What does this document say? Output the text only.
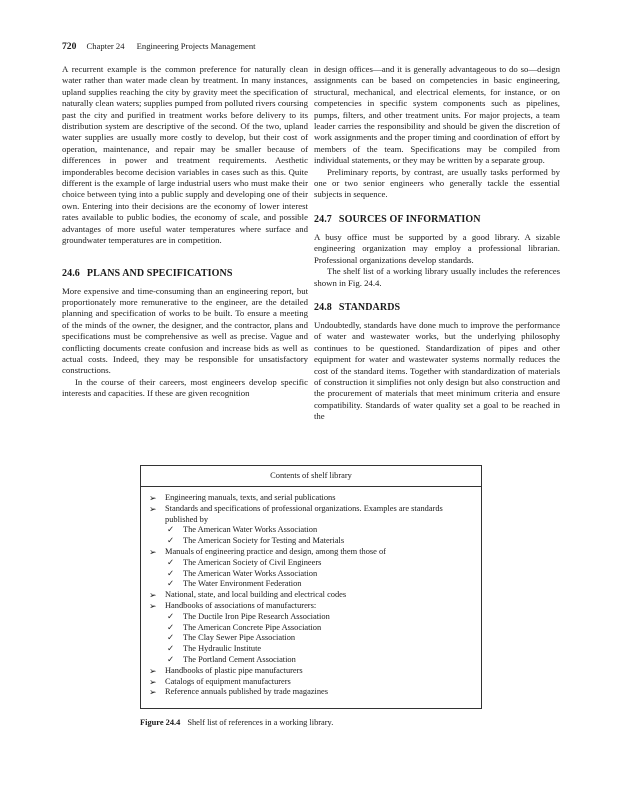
720 Chapter 24 Engineering Projects Management

A recurrent example is the common preference for naturally clean water rather than water made clean by treatment. In many instances, upland supplies reaching the city by gravity meet the specification of naturally clean waters; supplies pumped from polluted rivers coursing past the city and purified in treatment works before delivery to its distribution system are descriptive of the second. Of the two, upland water supplies are usually more costly to develop, but their cost of operation, maintenance, and repair may be smaller because of differences in power and treatment requirements. Aesthetic imponderables become decision variables in cases such as this. Quite different is the example of large industrial users who must make their choice between tying into a public supply and developing one of their own. Entering into their decisions are the economy of lower interest rates available to public bodies, the economy of scale, and possible advantages of more useful water temperatures where surface and groundwater temperatures are in competition.

24.6 PLANS AND SPECIFICATIONS

More expensive and time-consuming than an engineering report, but proportionately more remunerative to the engineer, are the detailed planning and specification of works to be built. To ensure a meeting of the minds of the owner, the designer, and the contractor, plans and specifications must be comprehensive as well as precise. Vague and conflicting documents create confusion and increase bids as well as actual costs. Indeed, they may be responsible for unsatisfactory constructions.

In the course of their careers, most engineers develop specific interests and capacities. If these are given recognition

in design offices—and it is generally advantageous to do so—design assignments can be based on competencies in basic engineering, structural, mechanical, and electrical elements, for instance, or on competencies in specific system components such as pipelines, pumps, filters, and other treatment units. For major projects, a team leader carries the responsibility and should be given the discretion of work assignments and the proper timing and coordination of effort by members of the team. Specifications may be compiled from individual statements, or they may be written by a separate group.

Preliminary reports, by contrast, are usually tasks performed by one or two senior engineers who generally tackle the essential subjects in sequence.

24.7 SOURCES OF INFORMATION

A busy office must be supported by a good library. A sizable engineering organization may employ a professional librarian. Professional organizations develop standards.

The shelf list of a working library usually includes the references shown in Fig. 24.4.

24.8 STANDARDS

Undoubtedly, standards have done much to improve the performance of water and wastewater works, but the underlying philosophy continues to be questioned. Standardization of pipes and other equipment for water and wastewater systems normally reduces the cost of the standard items. Together with standardization of materials of construction it simplifies not only design but also construction and the procurement of materials that meet minimum criteria and ensure compatibility. Standards of water quality set a goal to be reached in the

Contents of shelf library
➢ Engineering manuals, texts, and serial publications
➢ Standards and specifications of professional organizations. Examples are standards published by
✓ The American Water Works Association
✓ The American Society for Testing and Materials
➢ Manuals of engineering practice and design, among them those of
✓ The American Society of Civil Engineers
✓ The American Water Works Association
✓ The Water Environment Federation
➢ National, state, and local building and electrical codes
➢ Handbooks of associations of manufacturers:
✓ The Ductile Iron Pipe Research Association
✓ The American Concrete Pipe Association
✓ The Clay Sewer Pipe Association
✓ The Hydraulic Institute
✓ The Portland Cement Association
➢ Handbooks of plastic pipe manufacturers
➢ Catalogs of equipment manufacturers
➢ Reference annuals published by trade magazines
Figure 24.4 Shelf list of references in a working library.
